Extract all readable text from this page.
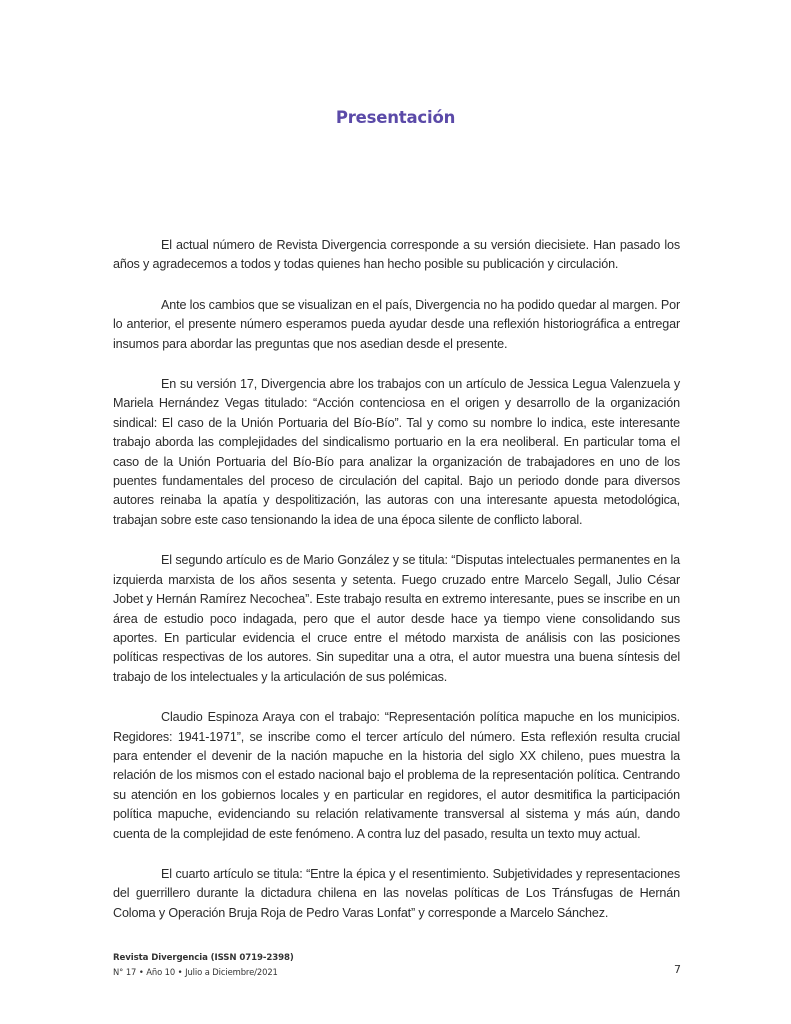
Presentación

El actual número de Revista Divergencia corresponde a su versión diecisiete. Han pasado los años y agradecemos a todos y todas quienes han hecho posible su publicación y circulación.

Ante los cambios que se visualizan en el país, Divergencia no ha podido quedar al margen. Por lo anterior, el presente número esperamos pueda ayudar desde una reflexión historiográfica a entregar insumos para abordar las preguntas que nos asedian desde el presente.

En su versión 17, Divergencia abre los trabajos con un artículo de Jessica Legua Valenzuela y Mariela Hernández Vegas titulado: “Acción contenciosa en el origen y desarrollo de la organización sindical: El caso de la Unión Portuaria del Bío-Bío”. Tal y como su nombre lo indica, este interesante trabajo aborda las complejidades del sindicalismo portuario en la era neoliberal. En particular toma el caso de la Unión Portuaria del Bío-Bío para analizar la organización de trabajadores en uno de los puentes fundamentales del proceso de circulación del capital. Bajo un periodo donde para diversos autores reinaba la apatía y despolitización, las autoras con una interesante apuesta metodológica, trabajan sobre este caso tensionando la idea de una época silente de conflicto laboral.

El segundo artículo es de Mario González y se titula: “Disputas intelectuales permanentes en la izquierda marxista de los años sesenta y setenta. Fuego cruzado entre Marcelo Segall, Julio César Jobet y Hernán Ramírez Necochea”. Este trabajo resulta en extremo interesante, pues se inscribe en un área de estudio poco indagada, pero que el autor desde hace ya tiempo viene consolidando sus aportes. En particular evidencia el cruce entre el método marxista de análisis con las posiciones políticas respectivas de los autores. Sin supeditar una a otra, el autor muestra una buena síntesis del trabajo de los intelectuales y la articulación de sus polémicas.

Claudio Espinoza Araya con el trabajo: “Representación política mapuche en los municipios. Regidores: 1941-1971”, se inscribe como el tercer artículo del número. Esta reflexión resulta crucial para entender el devenir de la nación mapuche en la historia del siglo XX chileno, pues muestra la relación de los mismos con el estado nacional bajo el problema de la representación política. Centrando su atención en los gobiernos locales y en particular en regidores, el autor desmitifica la participación política mapuche, evidenciando su relación relativamente transversal al sistema y más aún, dando cuenta de la complejidad de este fenómeno. A contra luz del pasado, resulta un texto muy actual.

El cuarto artículo se titula: “Entre la épica y el resentimiento. Subjetividades y representaciones del guerrillero durante la dictadura chilena en las novelas políticas de Los Tránsfugas de Hernán Coloma y Operación Bruja Roja de Pedro Varas Lonfat” y corresponde a Marcelo Sánchez.

Revista Divergencia (ISSN 0719-2398)
N° 17 • Año 10 • Julio a Diciembre/2021	7
